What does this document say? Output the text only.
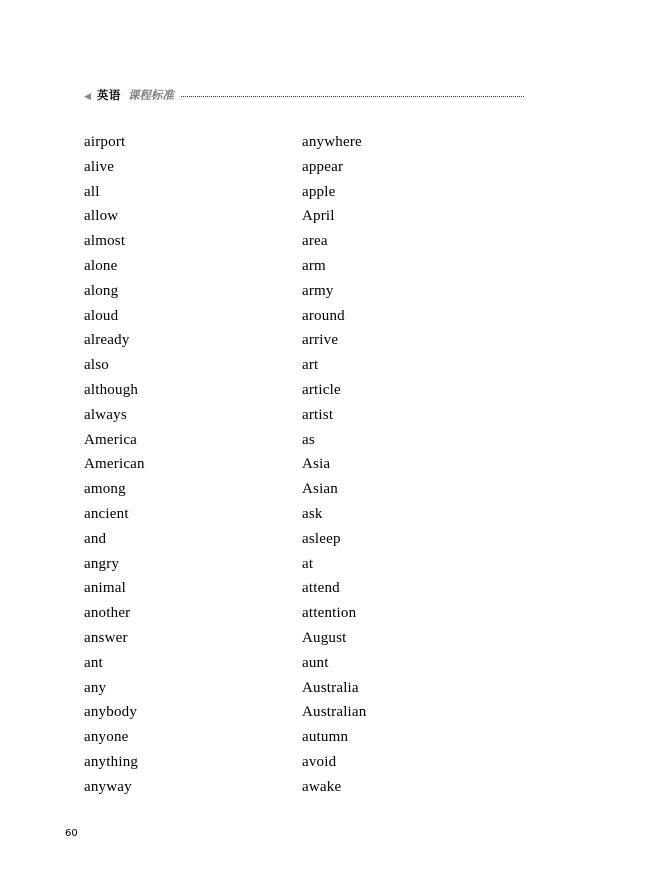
◀ 英语 课程标准
airport
alive
all
allow
almost
alone
along
aloud
already
also
although
always
America
American
among
ancient
and
angry
animal
another
answer
ant
any
anybody
anyone
anything
anyway
anywhere
appear
apple
April
area
arm
army
around
arrive
art
article
artist
as
Asia
Asian
ask
asleep
at
attend
attention
August
aunt
Australia
Australian
autumn
avoid
awake
60
